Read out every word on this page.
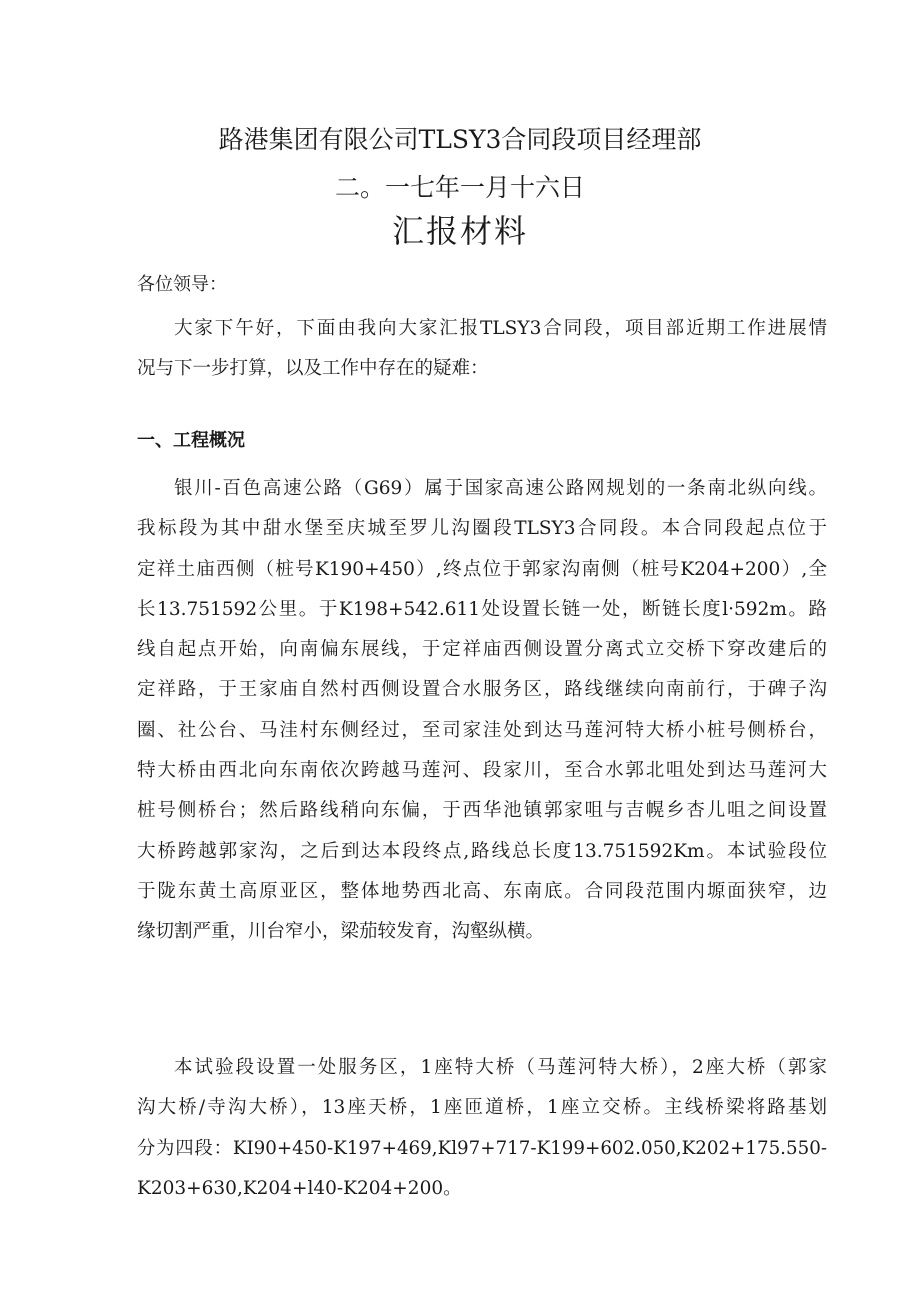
路港集团有限公司TLSY3合同段项目经理部
二。一七年一月十六日
汇报材料
各位领导：
大家下午好，下面由我向大家汇报TLSY3合同段，项目部近期工作进展情
况与下一步打算，以及工作中存在的疑难：
一、工程概况
银川-百色高速公路（G69）属于国家高速公路网规划的一条南北纵向线。
我标段为其中甜水堡至庆城至罗儿沟圈段TLSY3合同段。本合同段起点位于
定祥土庙西侧（桩号K190+450）,终点位于郭家沟南侧（桩号K204+200）,全
长13.751592公里。于K198+542.611处设置长链一处，断链长度l·592m。路
线自起点开始，向南偏东展线，于定祥庙西侧设置分离式立交桥下穿改建后的
定祥路，于王家庙自然村西侧设置合水服务区，路线继续向南前行，于碑子沟
圈、社公台、马洼村东侧经过，至司家洼处到达马莲河特大桥小桩号侧桥台，
特大桥由西北向东南依次跨越马莲河、段家川，至合水郭北咀处到达马莲河大
桩号侧桥台；然后路线稍向东偏，于西华池镇郭家咀与吉幌乡杏儿咀之间设置
大桥跨越郭家沟，之后到达本段终点,路线总长度13.751592Km。本试验段位
于陇东黄土高原亚区，整体地势西北高、东南底。合同段范围内塬面狭窄，边
缘切割严重，川台窄小，梁茄较发育，沟壑纵横。
本试验段设置一处服务区，1座特大桥（马莲河特大桥），2座大桥（郭家
沟大桥/寺沟大桥），13座天桥，1座匝道桥，1座立交桥。主线桥梁将路基划
分为四段：KI90+450-K197+469,Kl97+717-K199+602.050,K202+175.550-
K203+630,K204+l40-K204+200。
